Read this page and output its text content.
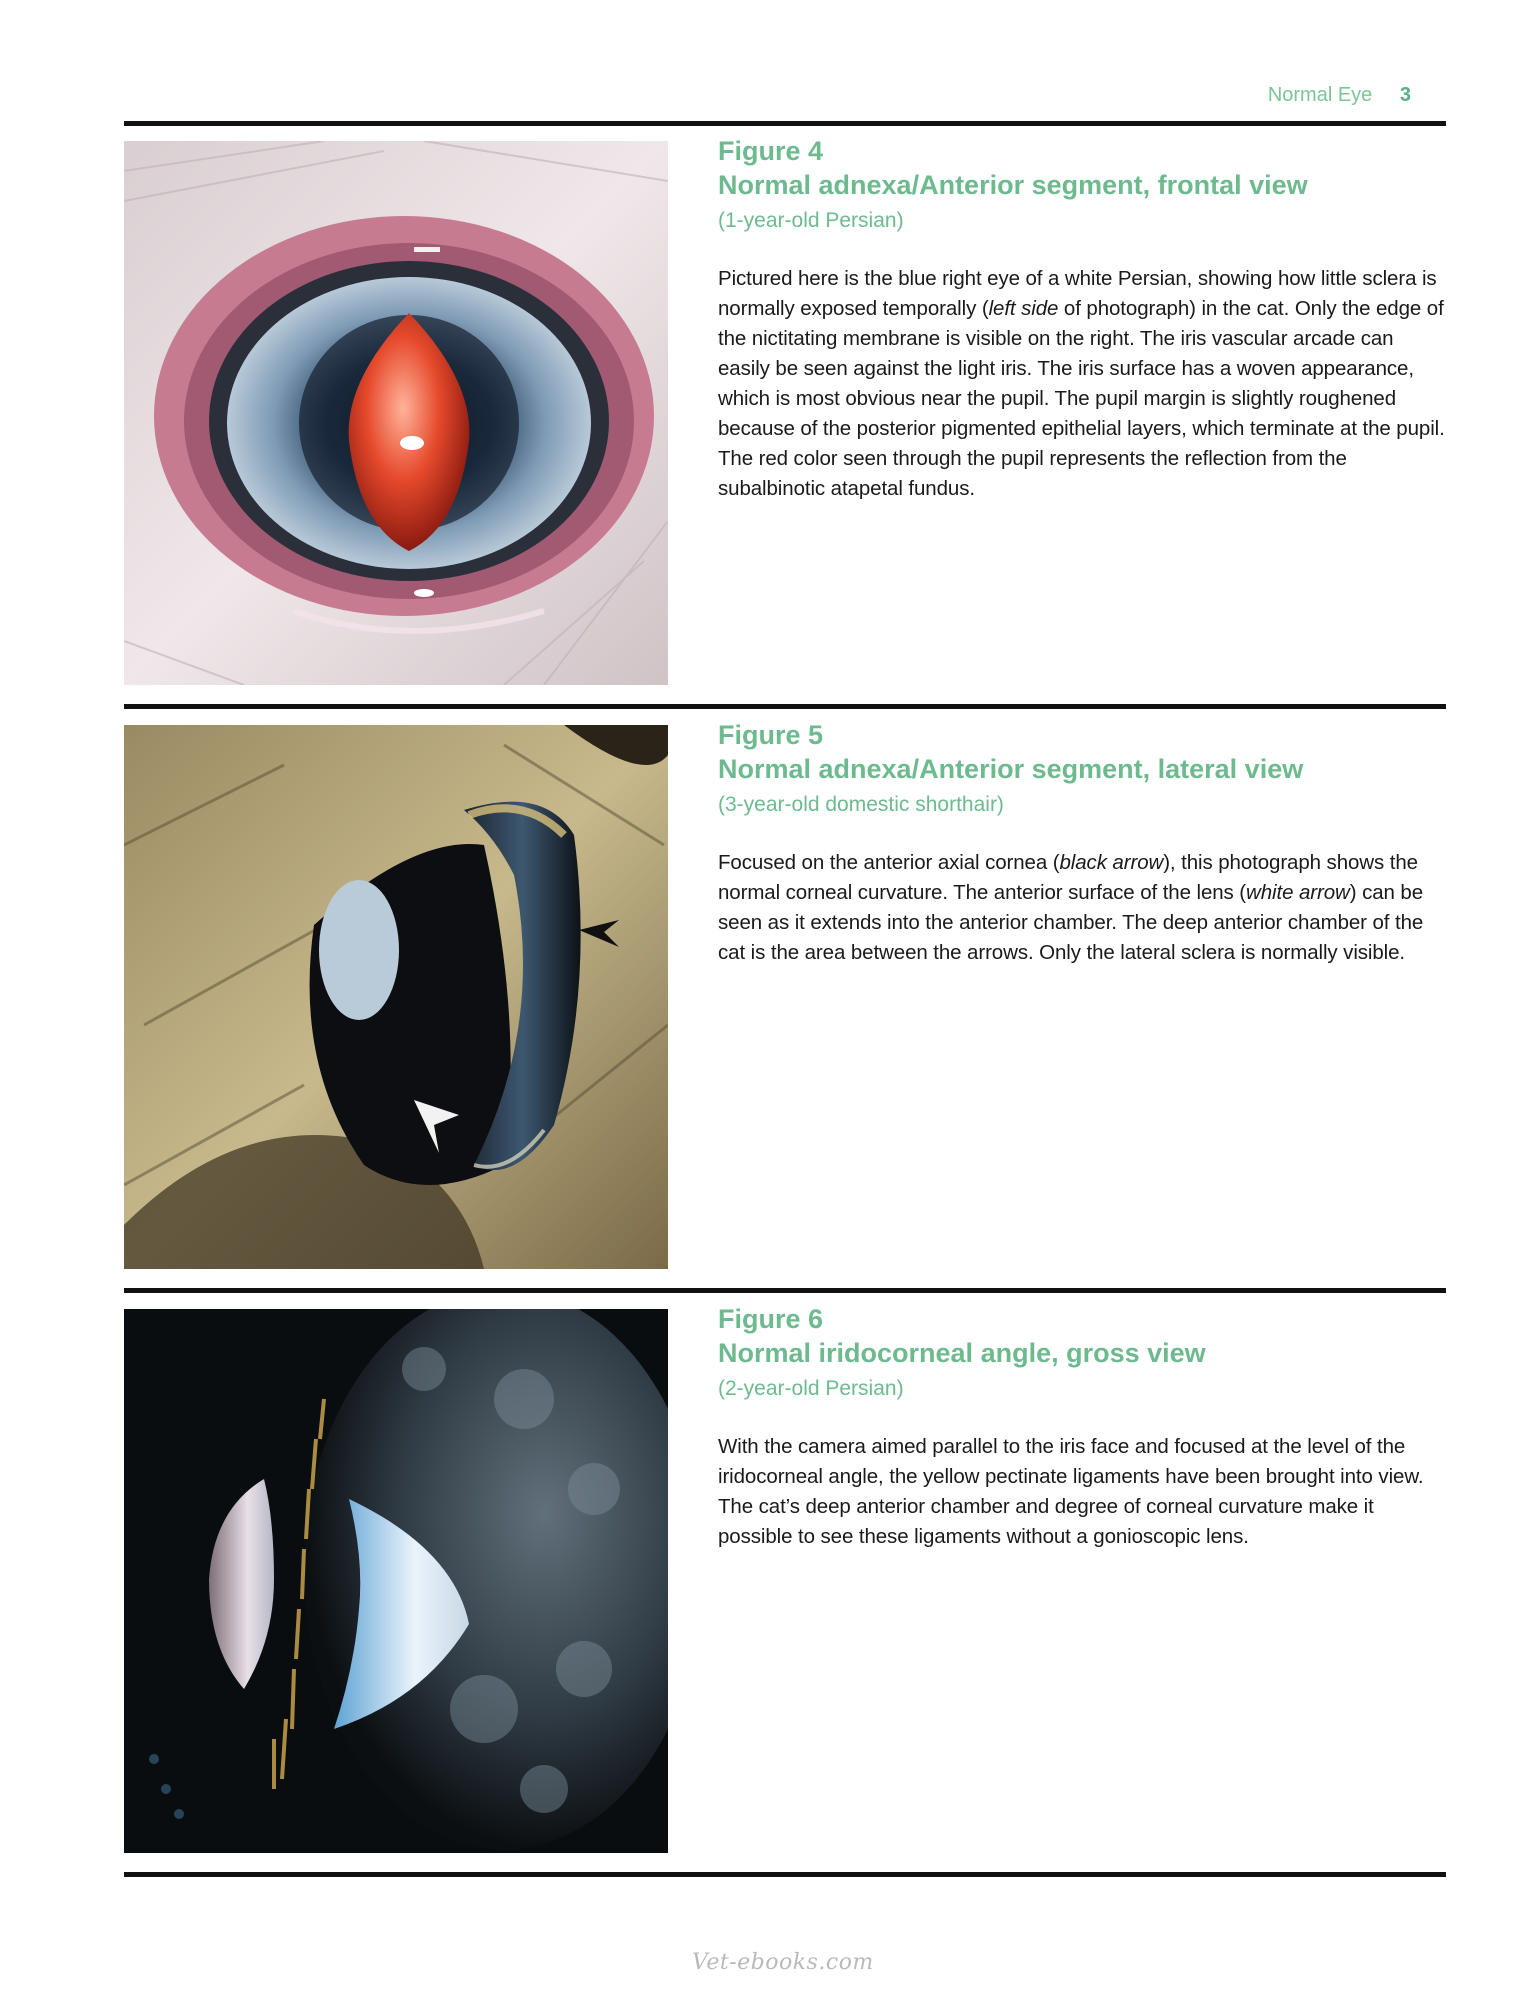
Normal Eye 3
Figure 4
Normal adnexa/Anterior segment, frontal view
(1-year-old Persian)
Pictured here is the blue right eye of a white Persian, showing how little sclera is normally exposed temporally (left side of photograph) in the cat. Only the edge of the nictitating membrane is visible on the right. The iris vascular arcade can easily be seen against the light iris. The iris surface has a woven appearance, which is most obvious near the pupil. The pupil margin is slightly roughened because of the posterior pigmented epithelial layers, which terminate at the pupil. The red color seen through the pupil represents the reflection from the subalbinotic atapetal fundus.
Figure 5
Normal adnexa/Anterior segment, lateral view
(3-year-old domestic shorthair)
Focused on the anterior axial cornea (black arrow), this photograph shows the normal corneal curvature. The anterior surface of the lens (white arrow) can be seen as it extends into the anterior chamber. The deep anterior chamber of the cat is the area between the arrows. Only the lateral sclera is normally visible.
Figure 6
Normal iridocorneal angle, gross view
(2-year-old Persian)
With the camera aimed parallel to the iris face and focused at the level of the iridocorneal angle, the yellow pectinate ligaments have been brought into view. The cat’s deep anterior chamber and degree of corneal curvature make it possible to see these ligaments without a gonioscopic lens.
Vet-ebooks.com
